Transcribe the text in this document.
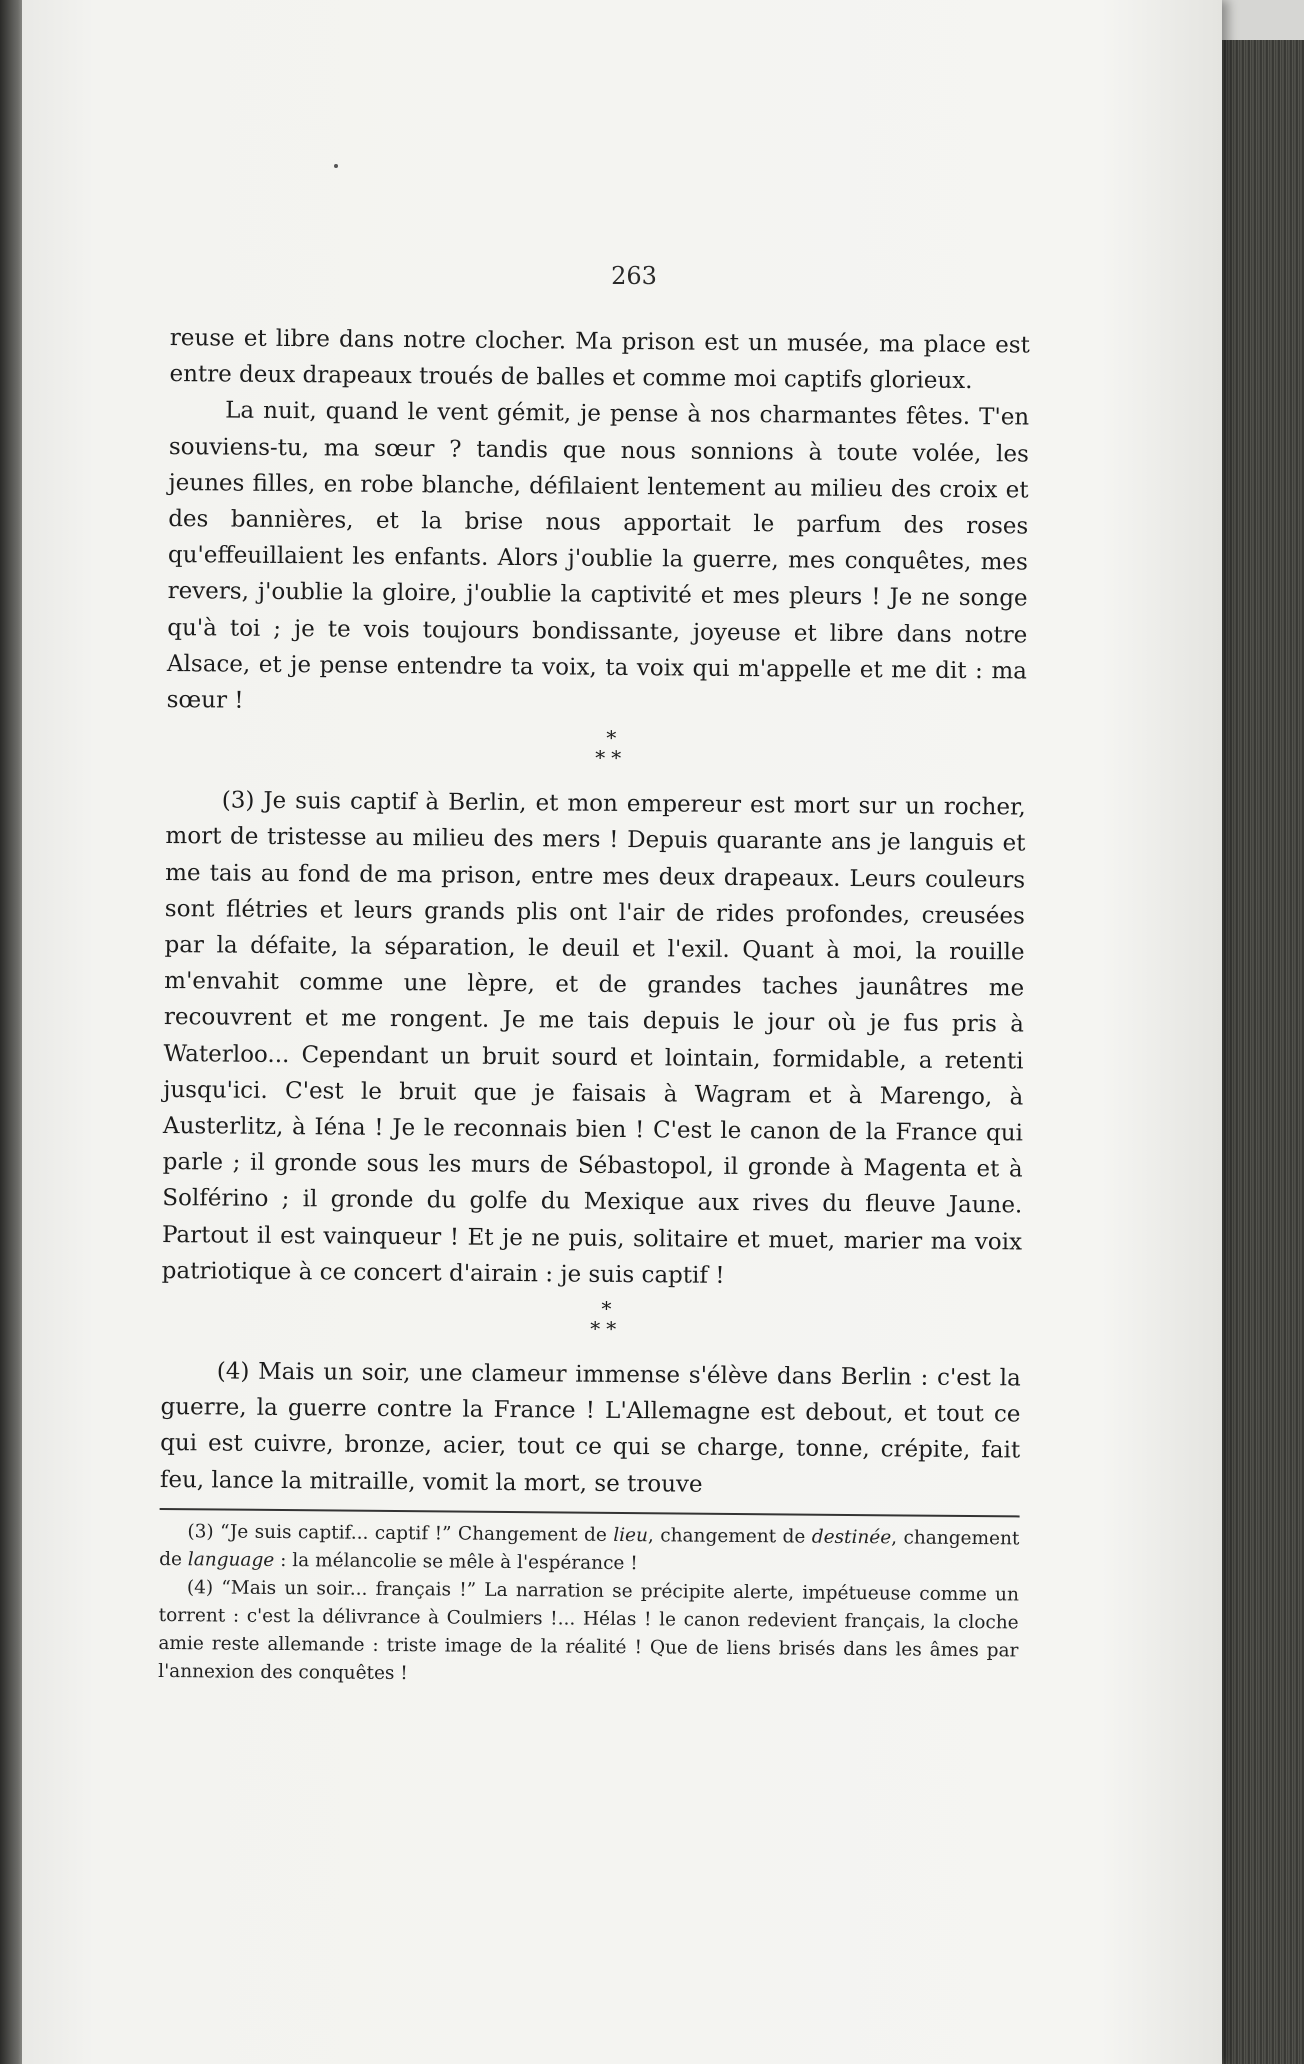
263

reuse et libre dans notre clocher. Ma prison est un musée, ma place est entre deux drapeaux troués de balles et comme moi captifs glorieux.

La nuit, quand le vent gémit, je pense à nos charmantes fêtes. T'en souviens-tu, ma sœur ? tandis que nous sonnions à toute volée, les jeunes filles, en robe blanche, défilaient lentement au milieu des croix et des bannières, et la brise nous apportait le parfum des roses qu'effeuillaient les enfants. Alors j'oublie la guerre, mes conquêtes, mes revers, j'oublie la gloire, j'oublie la captivité et mes pleurs ! Je ne songe qu'à toi ; je te vois toujours bondissante, joyeuse et libre dans notre Alsace, et je pense entendre ta voix, ta voix qui m'appelle et me dit : ma sœur !

*
**

(3) Je suis captif à Berlin, et mon empereur est mort sur un rocher, mort de tristesse au milieu des mers ! Depuis quarante ans je languis et me tais au fond de ma prison, entre mes deux drapeaux. Leurs couleurs sont flétries et leurs grands plis ont l'air de rides profondes, creusées par la défaite, la séparation, le deuil et l'exil. Quant à moi, la rouille m'envahit comme une lèpre, et de grandes taches jaunâtres me recouvrent et me rongent. Je me tais depuis le jour où je fus pris à Waterloo... Cependant un bruit sourd et lointain, formidable, a retenti jusqu'ici. C'est le bruit que je faisais à Wagram et à Marengo, à Austerlitz, à Iéna ! Je le reconnais bien ! C'est le canon de la France qui parle ; il gronde sous les murs de Sébastopol, il gronde à Magenta et à Solférino ; il gronde du golfe du Mexique aux rives du fleuve Jaune. Partout il est vainqueur ! Et je ne puis, solitaire et muet, marier ma voix patriotique à ce concert d'airain : je suis captif !

*
**

(4) Mais un soir, une clameur immense s'élève dans Berlin : c'est la guerre, la guerre contre la France ! L'Allemagne est debout, et tout ce qui est cuivre, bronze, acier, tout ce qui se charge, tonne, crépite, fait feu, lance la mitraille, vomit la mort, se trouve

(3) “Je suis captif... captif !” Changement de lieu, changement de destinée, changement de language : la mélancolie se mêle à l'espérance !

(4) “Mais un soir... français !” La narration se précipite alerte, impétueuse comme un torrent : c'est la délivrance à Coulmiers !... Hélas ! le canon redevient français, la cloche amie reste allemande : triste image de la réalité ! Que de liens brisés dans les âmes par l'annexion des conquêtes !
